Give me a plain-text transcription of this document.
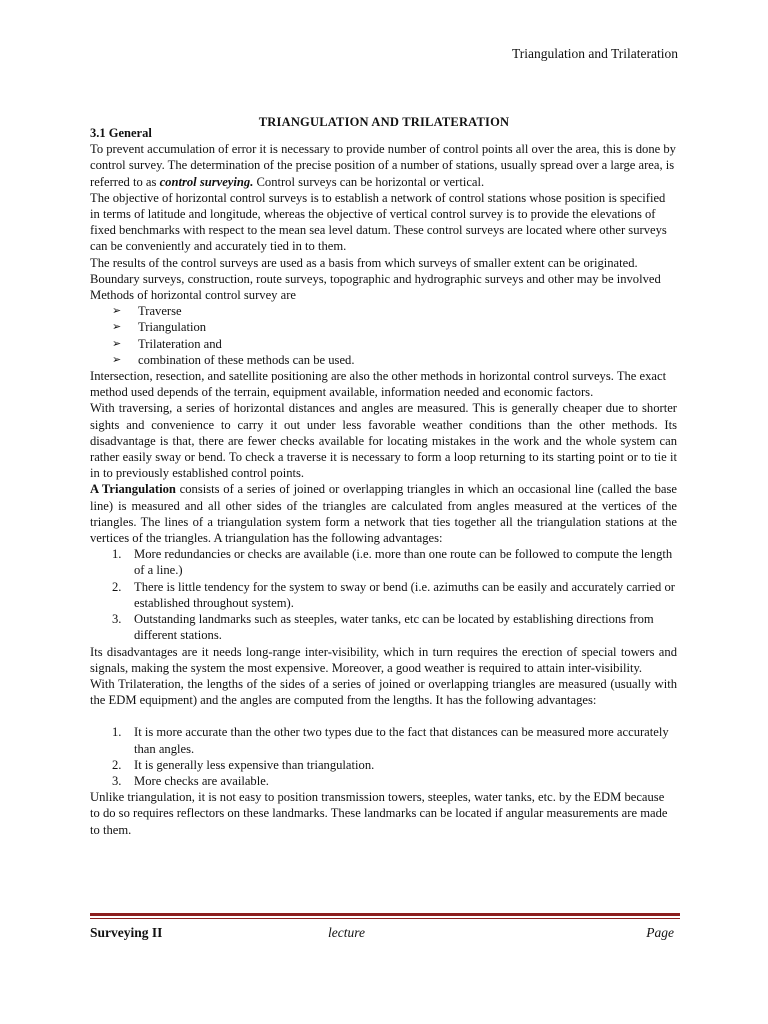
Triangulation and Trilateration
TRIANGULATION AND TRILATERATION

3.1 General

To prevent accumulation of error it is necessary to provide number of control points all over the area, this is done by control survey. The determination of the precise position of a number of stations, usually spread over a large area, is referred to as control surveying. Control surveys can be horizontal or vertical.

The objective of horizontal control surveys is to establish a network of control stations whose position is specified in terms of latitude and longitude, whereas the objective of vertical control survey is to provide the elevations of fixed benchmarks with respect to the mean sea level datum. These control surveys are located where other surveys can be conveniently and accurately tied in to them.

The results of the control surveys are used as a basis from which surveys of smaller extent can be originated. Boundary surveys, construction, route surveys, topographic and hydrographic surveys and other may be involved

Methods of horizontal control survey are

➢ Traverse
➢ Triangulation
➢ Trilateration and
➢ combination of these methods can be used.

Intersection, resection, and satellite positioning are also the other methods in horizontal control surveys. The exact method used depends of the terrain, equipment available, information needed and economic factors.

With traversing, a series of horizontal distances and angles are measured. This is generally cheaper due to shorter sights and convenience to carry it out under less favorable weather conditions than the other methods. Its disadvantage is that, there are fewer checks available for locating mistakes in the work and the whole system can rather easily sway or bend. To check a traverse it is necessary to form a loop returning to its starting point or to tie it in to previously established control points.

A Triangulation consists of a series of joined or overlapping triangles in which an occasional line (called the base line) is measured and all other sides of the triangles are calculated from angles measured at the vertices of the triangles. The lines of a triangulation system form a network that ties together all the triangulation stations at the vertices of the triangles. A triangulation has the following advantages:

1. More redundancies or checks are available (i.e. more than one route can be followed to compute the length of a line.)
2. There is little tendency for the system to sway or bend (i.e. azimuths can be easily and accurately carried or established throughout system).
3. Outstanding landmarks such as steeples, water tanks, etc can be located by establishing directions from different stations.

Its disadvantages are it needs long-range inter-visibility, which in turn requires the erection of special towers and signals, making the system the most expensive. Moreover, a good weather is required to attain inter-visibility.

With Trilateration, the lengths of the sides of a series of joined or overlapping triangles are measured (usually with the EDM equipment) and the angles are computed from the lengths. It has the following advantages:

1. It is more accurate than the other two types due to the fact that distances can be measured more accurately than angles.
2. It is generally less expensive than triangulation.
3. More checks are available.

Unlike triangulation, it is not easy to position transmission towers, steeples, water tanks, etc. by the EDM because to do so requires reflectors on these landmarks. These landmarks can be located if angular measurements are made to them.

Surveying II	lecture	Page
